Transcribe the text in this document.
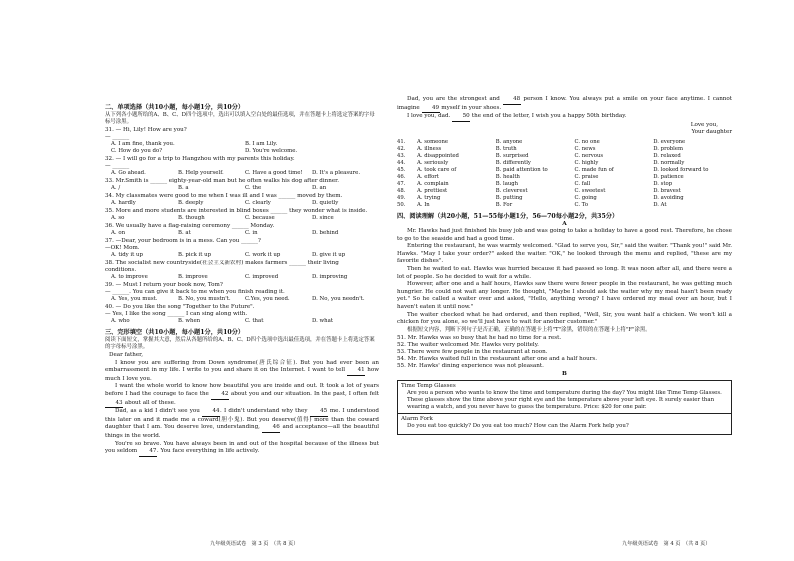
二、单项选择（共10小题，每小题1分，共10分）
从下列各小题所给的A、B、C、D四个选项中，选出可以填入空白处的最佳选项，并在答题卡上将选定答案的字母标号涂黑。
31. — Hi, Lily! How are you?
— ______
A. I am fine, thank you.	B. I am Lily.
C. How do you do?	D. You're welcome.
32. — I will go for a trip to Hangzhou with my parents this holiday.
— ______
A. Go ahead.	B. Help yourself.	C. Have a good time!	D. It's a pleasure.
33. Mr.Smith is ______ eighty-year-old man but he often walks his dog after dinner.
A. /	B. a	C. the	D. an
34. My classmates were good to me when I was ill and I was ______ moved by them.
A. hardly	B. deeply	C. clearly	D. quietly
35. More and more students are interested in blind boxes ______ they wonder what is inside.
A. so	B. though	C. because	D. since
36. We usually have a flag-raising ceremony ______ Monday.
A. on	B. at	C. in	D. behind
37. —Dear, your bedroom is in a mess. Can you ______?
—OK! Mom.
A. tidy it up	B. pick it up	C. work it up	D. give it up
38. The socialist new countryside(社会主义新农村) makes farmers ______ their living
conditions.
A. to improve	B. improve	C. improved	D. improving
39. — Must I return your book now, Tom?
— ______. You can give it back to me when you finish reading it.
A. Yes, you must.	B. No, you mustn't.	C.Yes, you need.	D. No, you needn't.
40. — Do you like the song "Together to the Future".
— Yes, I like the song ______ I can sing along with.
A. who	B. when	C. that	D. what
三、完形填空（共10小题，每小题1分，共10分）
阅读下面短文，掌握其大意，然后从各题所给的A、B、C、D四个选项中选出最佳选项，并在答题卡上将选定答案的字母标号涂黑。
Dear father,
I know you are suffering from Down syndrome(唐氏综合征). But you had ever been an embarrassment in my life. I write to you and share it on the Internet. I want to tell 41 how much I love you.
I want the whole world to know how beautiful you are inside and out. It took a lot of years before I had the courage to face the 42 about you and our situation. In the past, I often felt 43 about all of these.
Dad, as a kid I didn't see you 44. I didn't understand why they 45 me. I understood this later on and it made me a coward(胆小鬼). But you deserve(值得) more than the coward daughter that I am. You deserve love, understanding, 46 and acceptance—all the beautiful things in the world.
You're so brave. You have always been in and out of the hospital because of the illness but you seldom 47. You face everything in life actively.
九年级英语试卷　第 3 页　（共 8 页）
Dad, you are the strongest and 48 person I know. You always put a smile on your face anytime. I cannot imagine 49 myself in your shoes.
I love you, dad. 50 the end of the letter, I wish you a happy 50th birthday.
Love you,
Your daughter
41.	A. someone	B. anyone	C. no one	D. everyone
42.	A. illness	B. truth	C. news	D. problem
43.	A. disappointed	B. surprised	C. nervous	D. relaxed
44.	A. seriously	B. differently	C. highly	D. normally
45.	A. took care of	B. paid attention to	C. made fun of	D. looked forward to
46.	A. effort	B. health	C. praise	D. patience
47.	A. complain	B. laugh	C. fall	D. stop
48.	A. prettiest	B. cleverest	C. sweetest	D. bravest
49.	A. trying	B. putting	C. going	D. avoiding
50.	A. In	B. For	C. To	D. At
四、阅读理解（共20小题，51—55每小题1分，56—70每小题2分，共35分）
A
Mr. Hawks had just finished his busy job and was going to take a holiday to have a good rest. Therefore, he chose to go to the seaside and had a good time.
Entering the restaurant, he was warmly welcomed. "Glad to serve you, Sir," said the waiter. "Thank you!" said Mr. Hawks. "May I take your order?" asked the waiter. "OK," he looked through the menu and replied, "these are my favorite dishes".
Then he waited to eat. Hawks was hurried because it had passed so long. It was noon after all, and there were a lot of people. So he decided to wait for a while.
However, after one and a half hours, Hawks saw there were fewer people in the restaurant, he was getting much hungrier. He could not wait any longer. He thought, "Maybe I should ask the waiter why my meal hasn't been ready yet." So he called a waiter over and asked, "Hello, anything wrong? I have ordered my meal over an hour, but I haven't eaten it until now."
The waiter checked what he had ordered, and then replied, "Well, Sir, you want half a chicken. We won't kill a chicken for you alone, so we'll just have to wait for another customer."
根据短文内容，判断下列句子是否正确，正确的在答题卡上将"T"涂黑，错误的在答题卡上将"F"涂黑。
51. Mr. Hawks was so busy that he had no time for a rest.
52. The waiter welcomed Mr. Hawks very politely.
53. There were few people in the restaurant at noon.
54. Mr. Hawks waited full in the restaurant after one and a half hours.
55. Mr. Hawks' dining experience was not pleasant.
B
Time Temp Glasses
Are you a person who wants to know the time and temperature during the day? You might like Time Temp Glasses. These glasses show the time above your right eye and the temperature above your left eye. It surely easier than wearing a watch, and you never have to guess the temperature. Price: $20 for one pair.
Alarm Fork
Do you eat too quickly? Do you eat too much? How can the Alarm Fork help you?
九年级英语试卷　第 4 页　（共 8 页）
